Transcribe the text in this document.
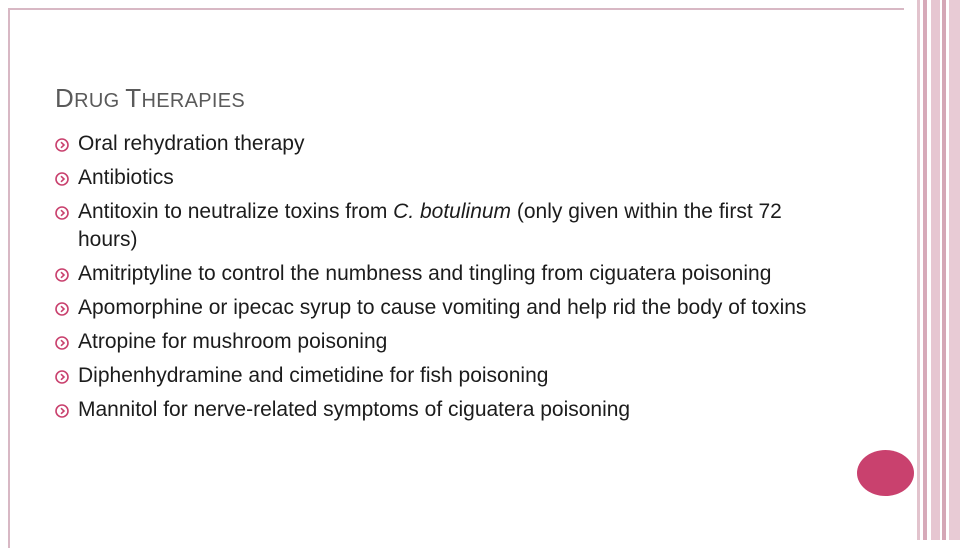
DRUG THERAPIES
Oral rehydration therapy
Antibiotics
Antitoxin to neutralize toxins from C. botulinum (only given within the first 72 hours)
Amitriptyline to control the numbness and tingling from ciguatera poisoning
Apomorphine or ipecac syrup to cause vomiting and help rid the body of toxins
Atropine for mushroom poisoning
Diphenhydramine and cimetidine for fish poisoning
Mannitol for nerve-related symptoms of ciguatera poisoning
